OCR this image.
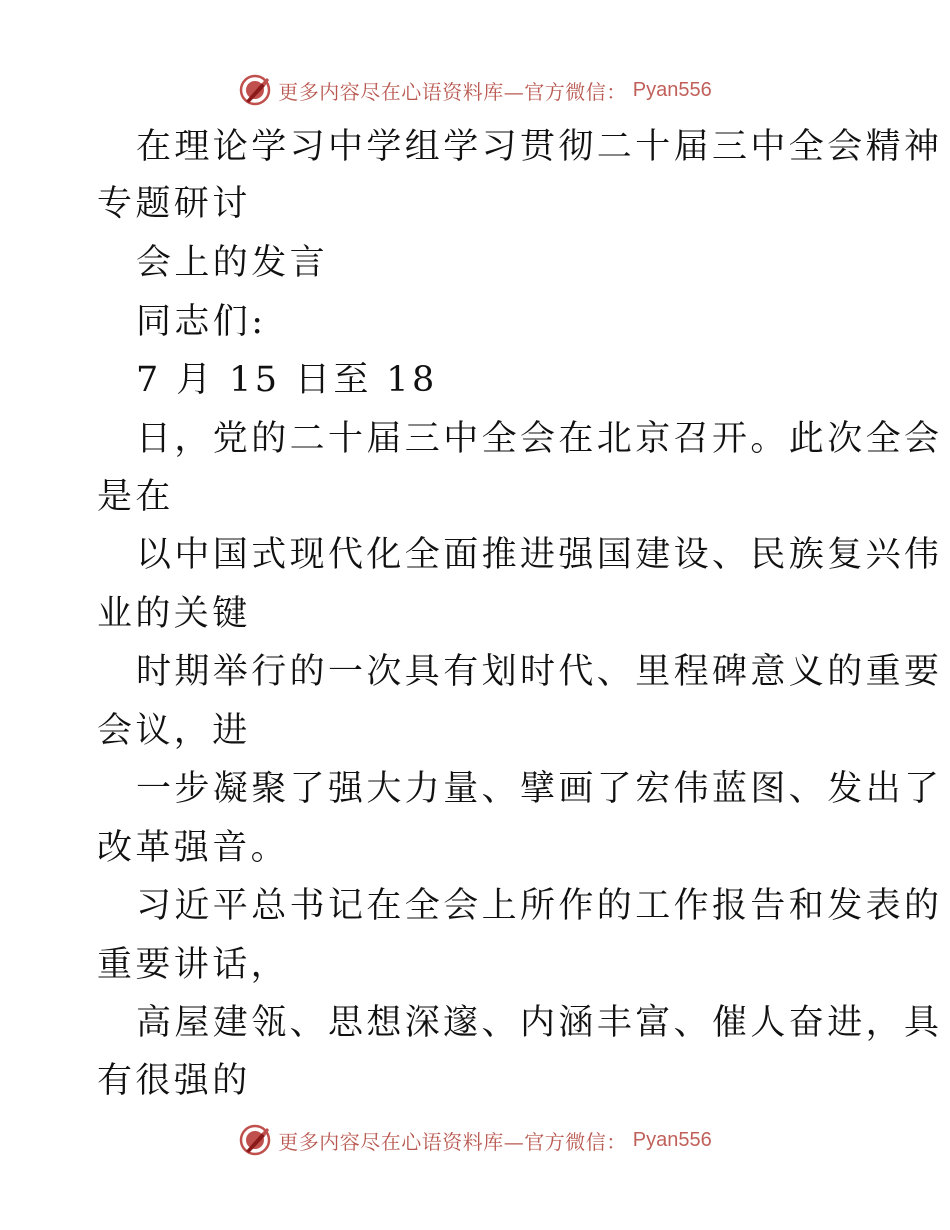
更多内容尽在心语资料库—官方微信： Pyan556
在理论学习中学组学习贯彻二十届三中全会精神
专题研讨
会上的发言
同志们:
7 月 15 日至 18
日，党的二十届三中全会在北京召开。此次全会
是在
以中国式现代化全面推进强国建设、民族复兴伟
业的关键
时期举行的一次具有划时代、里程碑意义的重要
会议，进
一步凝聚了强大力量、擘画了宏伟蓝图、发出了
改革强音。
习近平总书记在全会上所作的工作报告和发表的
重要讲话，
高屋建瓴、思想深邃、内涵丰富、催人奋进，具
有很强的
更多内容尽在心语资料库—官方微信： Pyan556
